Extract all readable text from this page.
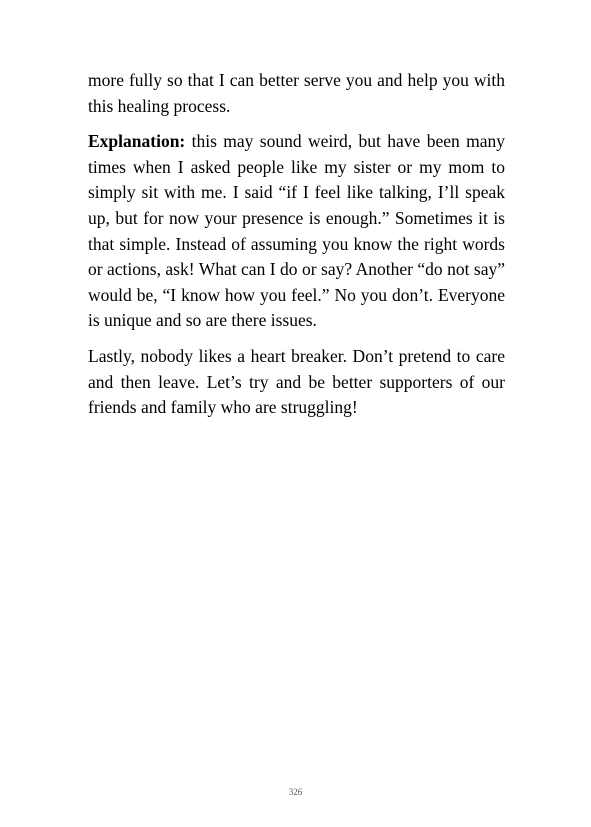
more fully so that I can better serve you and help you with this healing process.

Explanation: this may sound weird, but have been many times when I asked people like my sister or my mom to simply sit with me. I said “if I feel like talking, I’ll speak up, but for now your presence is enough.” Sometimes it is that simple. Instead of assuming you know the right words or actions, ask! What can I do or say? Another “do not say” would be, “I know how you feel.” No you don’t. Everyone is unique and so are there issues.

Lastly, nobody likes a heart breaker. Don’t pretend to care and then leave. Let’s try and be better supporters of our friends and family who are struggling!

326
